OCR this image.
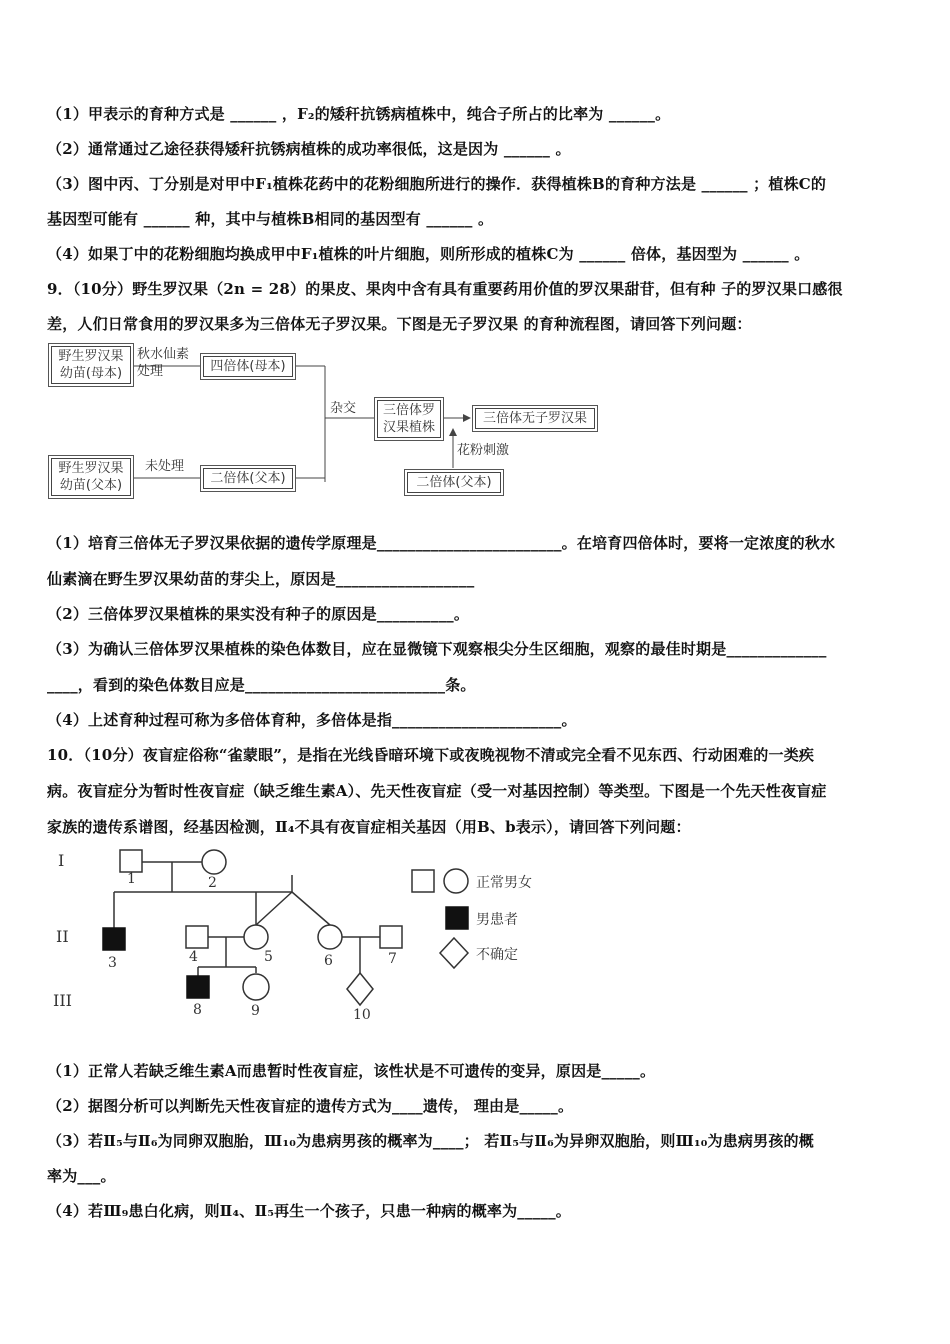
（1）甲表示的育种方式是 ______ ，F₂的矮秆抗锈病植株中，纯合子所占的比率为 ______。
（2）通常通过乙途径获得矮秆抗锈病植株的成功率很低，这是因为 ______ 。
（3）图中丙、丁分别是对甲中F₁植株花药中的花粉细胞所进行的操作．获得植株B的育种方法是 ______ ；植株C的
基因型可能有 ______ 种，其中与植株B相同的基因型有 ______ 。
（4）如果丁中的花粉细胞均换成甲中F₁植株的叶片细胞，则所形成的植株C为 ______ 倍体，基因型为 ______ 。
9．（10分）野生罗汉果（2n = 28）的果皮、果肉中含有具有重要药用价值的罗汉果甜苷，但有种 子的罗汉果口感很
差，人们日常食用的罗汉果多为三倍体无子罗汉果。下图是无子罗汉果 的育种流程图，请回答下列问题：
野生罗汉果幼苗(母本)
秋水仙素处理	四倍体(母本)
杂交	三倍体罗汉果植株
三倍体无子罗汉果
花粉刺激
野生罗汉果幼苗(父本)
未处理
二倍体(父本)	二倍体(父本)
（1）培育三倍体无子罗汉果依据的遗传学原理是________________________。在培育四倍体时，要将一定浓度的秋水
仙素滴在野生罗汉果幼苗的芽尖上，原因是__________________
（2）三倍体罗汉果植株的果实没有种子的原因是__________。
（3）为确认三倍体罗汉果植株的染色体数目，应在显微镜下观察根尖分生区细胞，观察的最佳时期是_____________
____，看到的染色体数目应是__________________________条。
（4）上述育种过程可称为多倍体育种，多倍体是指______________________。
10．（10分）夜盲症俗称“雀蒙眼”，是指在光线昏暗环境下或夜晚视物不清或完全看不见东西、行动困难的一类疾
病。夜盲症分为暂时性夜盲症（缺乏维生素A）、先天性夜盲症（受一对基因控制）等类型。下图是一个先天性夜盲症
家族的遗传系谱图，经基因检测，Ⅱ₄不具有夜盲症相关基因（用B、b表示），请回答下列问题：
I
II
III
1	2
3	4	5	6	7
8	9	10
正常男女
男患者
不确定
（1）正常人若缺乏维生素A而患暂时性夜盲症，该性状是不可遗传的变异，原因是_____。
（2）据图分析可以判断先天性夜盲症的遗传方式为____遗传， 理由是_____。
（3）若Ⅱ₅与Ⅱ₆为同卵双胞胎，Ⅲ₁₀为患病男孩的概率为____； 若Ⅱ₅与Ⅱ₆为异卵双胞胎，则Ⅲ₁₀为患病男孩的概
率为___。
（4）若Ⅲ₉患白化病，则Ⅱ₄、Ⅱ₅再生一个孩子，只患一种病的概率为_____。
